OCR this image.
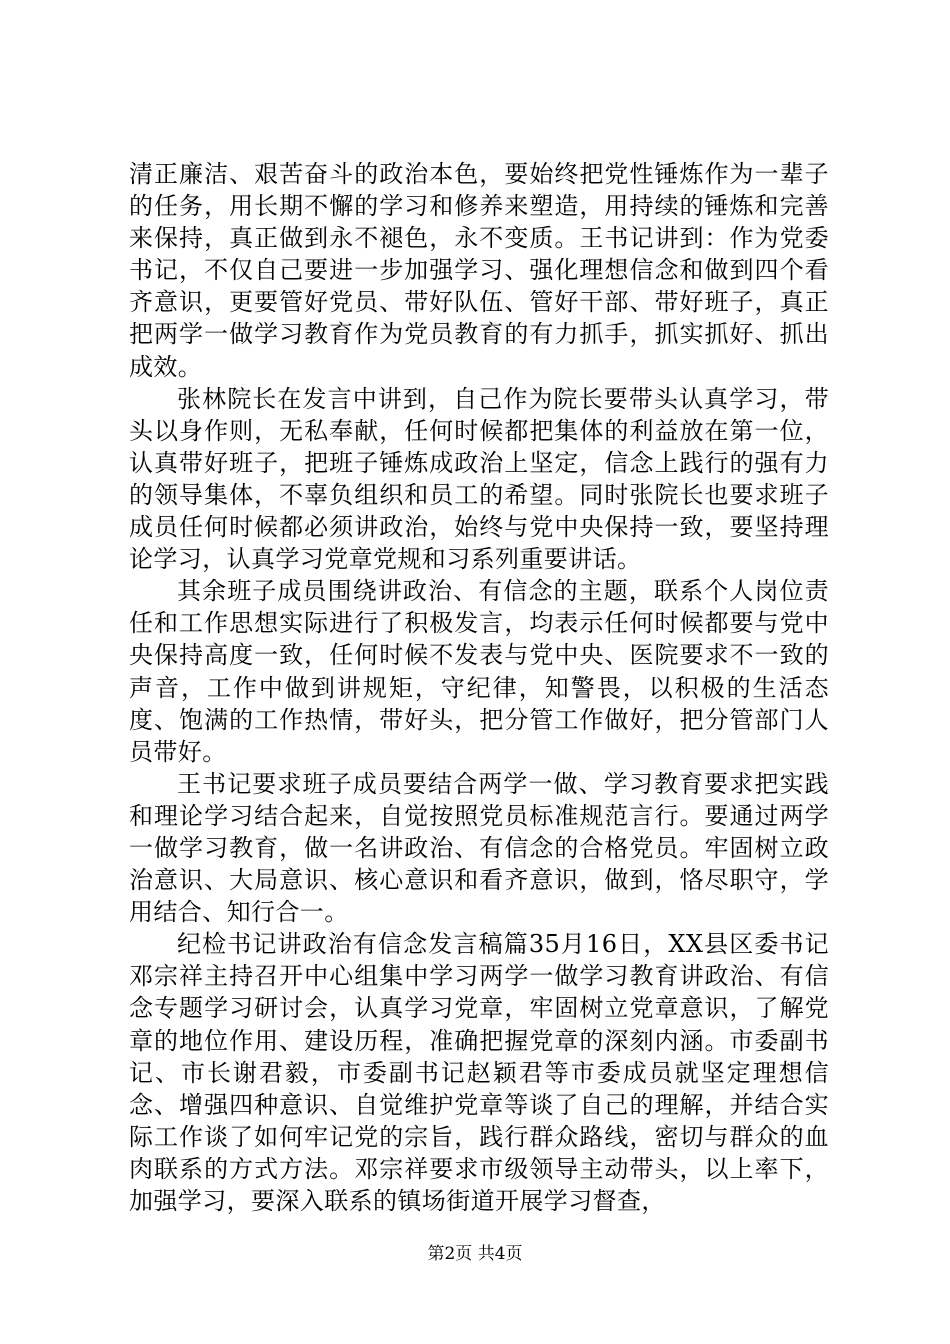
清正廉洁、艰苦奋斗的政治本色，要始终把党性锤炼作为一辈子的任务，用长期不懈的学习和修养来塑造，用持续的锤炼和完善来保持，真正做到永不褪色，永不变质。王书记讲到：作为党委书记，不仅自己要进一步加强学习、强化理想信念和做到四个看齐意识，更要管好党员、带好队伍、管好干部、带好班子，真正把两学一做学习教育作为党员教育的有力抓手，抓实抓好、抓出成效。

张林院长在发言中讲到，自己作为院长要带头认真学习，带头以身作则，无私奉献，任何时候都把集体的利益放在第一位，认真带好班子，把班子锤炼成政治上坚定，信念上践行的强有力的领导集体，不辜负组织和员工的希望。同时张院长也要求班子成员任何时候都必须讲政治，始终与党中央保持一致，要坚持理论学习，认真学习党章党规和习系列重要讲话。

其余班子成员围绕讲政治、有信念的主题，联系个人岗位责任和工作思想实际进行了积极发言，均表示任何时候都要与党中央保持高度一致，任何时候不发表与党中央、医院要求不一致的声音，工作中做到讲规矩，守纪律，知警畏，以积极的生活态度、饱满的工作热情，带好头，把分管工作做好，把分管部门人员带好。

王书记要求班子成员要结合两学一做、学习教育要求把实践和理论学习结合起来，自觉按照党员标准规范言行。要通过两学一做学习教育，做一名讲政治、有信念的合格党员。牢固树立政治意识、大局意识、核心意识和看齐意识，做到，恪尽职守，学用结合、知行合一。

纪检书记讲政治有信念发言稿篇35月16日，XX县区委书记邓宗祥主持召开中心组集中学习两学一做学习教育讲政治、有信念专题学习研讨会，认真学习党章，牢固树立党章意识，了解党章的地位作用、建设历程，准确把握党章的深刻内涵。市委副书记、市长谢君毅，市委副书记赵颖君等市委成员就坚定理想信念、增强四种意识、自觉维护党章等谈了自己的理解，并结合实际工作谈了如何牢记党的宗旨，践行群众路线，密切与群众的血肉联系的方式方法。邓宗祥要求市级领导主动带头，以上率下，加强学习，要深入联系的镇场街道开展学习督查，

第2页 共4页
